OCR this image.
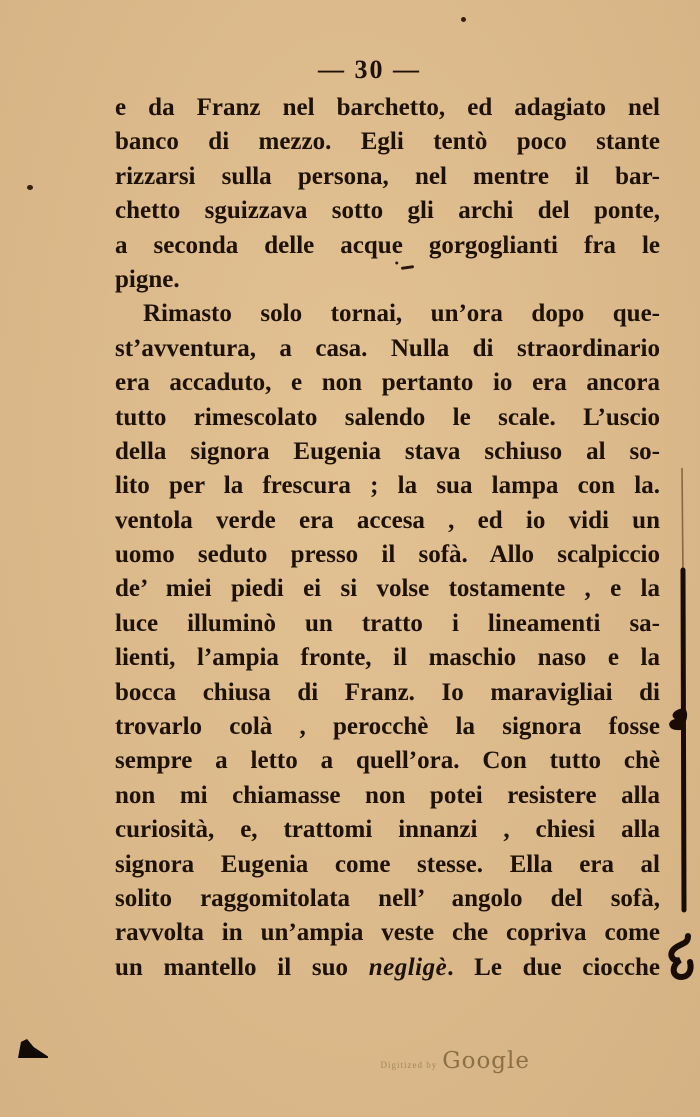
— 30 —
e da Franz nel barchetto, ed adagiato nel
banco di mezzo. Egli tentò poco stante
rizzarsi sulla persona, nel mentre il bar-
chetto sguizzava sotto gli archi del ponte,
a seconda delle acque gorgoglianti fra le
pigne.
Rimasto solo tornai, un’ora dopo que-
st’avventura, a casa. Nulla di straordinario
era accaduto, e non pertanto io era ancora
tutto rimescolato salendo le scale. L’uscio
della signora Eugenia stava schiuso al so-
lito per la frescura ; la sua lampa con la.
ventola verde era accesa , ed io vidi un
uomo seduto presso il sofà. Allo scalpiccio
de’ miei piedi ei si volse tostamente , e la
luce illuminò un tratto i lineamenti sa-
lienti, l’ampia fronte, il maschio naso e la
bocca chiusa di Franz. Io maravigliai di
trovarlo colà , perocchè la signora fosse
sempre a letto a quell’ora. Con tutto chè
non mi chiamasse non potei resistere alla
curiosità, e, trattomi innanzi , chiesi alla
signora Eugenia come stesse. Ella era al
solito raggomitolata nell’ angolo del sofà,
ravvolta in un’ampia veste che copriva come
un mantello il suo negligè. Le due ciocche
Digitized by Google
